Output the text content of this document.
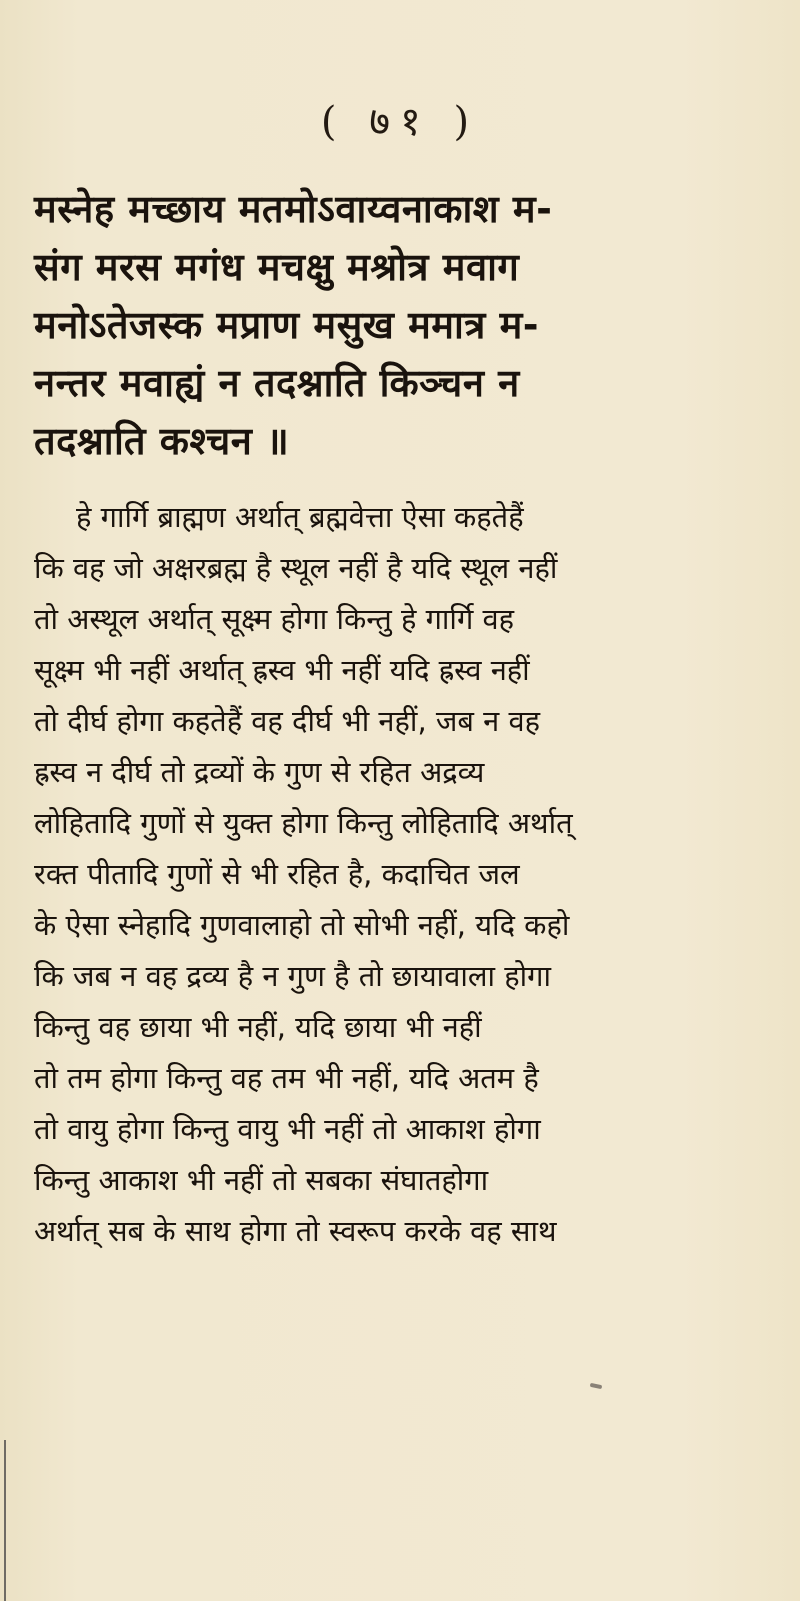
( ७१ )
मस्नेह मच्छाय मतमोऽवाय्वनाकाश म-
संग मरस मगंध मचक्षु मश्रोत्र मवाग
मनोऽतेजस्क मप्राण मसुख ममात्र म-
नन्तर मवाह्यं न तदश्नाति किञ्चन न
तदश्नाति कश्चन ॥
हे गार्गि ब्राह्मण अर्थात् ब्रह्मवेत्ता ऐसा कहतेहैं
कि वह जो अक्षरब्रह्म है स्थूल नहीं है यदि स्थूल नहीं
तो अस्थूल अर्थात् सूक्ष्म होगा किन्तु हे गार्गि वह
सूक्ष्म भी नहीं अर्थात् ह्रस्व भी नहीं यदि ह्रस्व नहीं
तो दीर्घ होगा कहतेहैं वह दीर्घ भी नहीं, जब न वह
ह्रस्व न दीर्घ तो द्रव्यों के गुण से रहित अद्रव्य
लोहितादि गुणों से युक्त होगा किन्तु लोहितादि अर्थात्
रक्त पीतादि गुणों से भी रहित है, कदाचित जल
के ऐसा स्नेहादि गुणवालाहो तो सोभी नहीं, यदि कहो
कि जब न वह द्रव्य है न गुण है तो छायावाला होगा
किन्तु वह छाया भी नहीं, यदि छाया भी नहीं
तो तम होगा किन्तु वह तम भी नहीं, यदि अतम है
तो वायु होगा किन्तु वायु भी नहीं तो आकाश होगा
किन्तु आकाश भी नहीं तो सबका संघातहोगा
अर्थात् सब के साथ होगा तो स्वरूप करके वह साथ
